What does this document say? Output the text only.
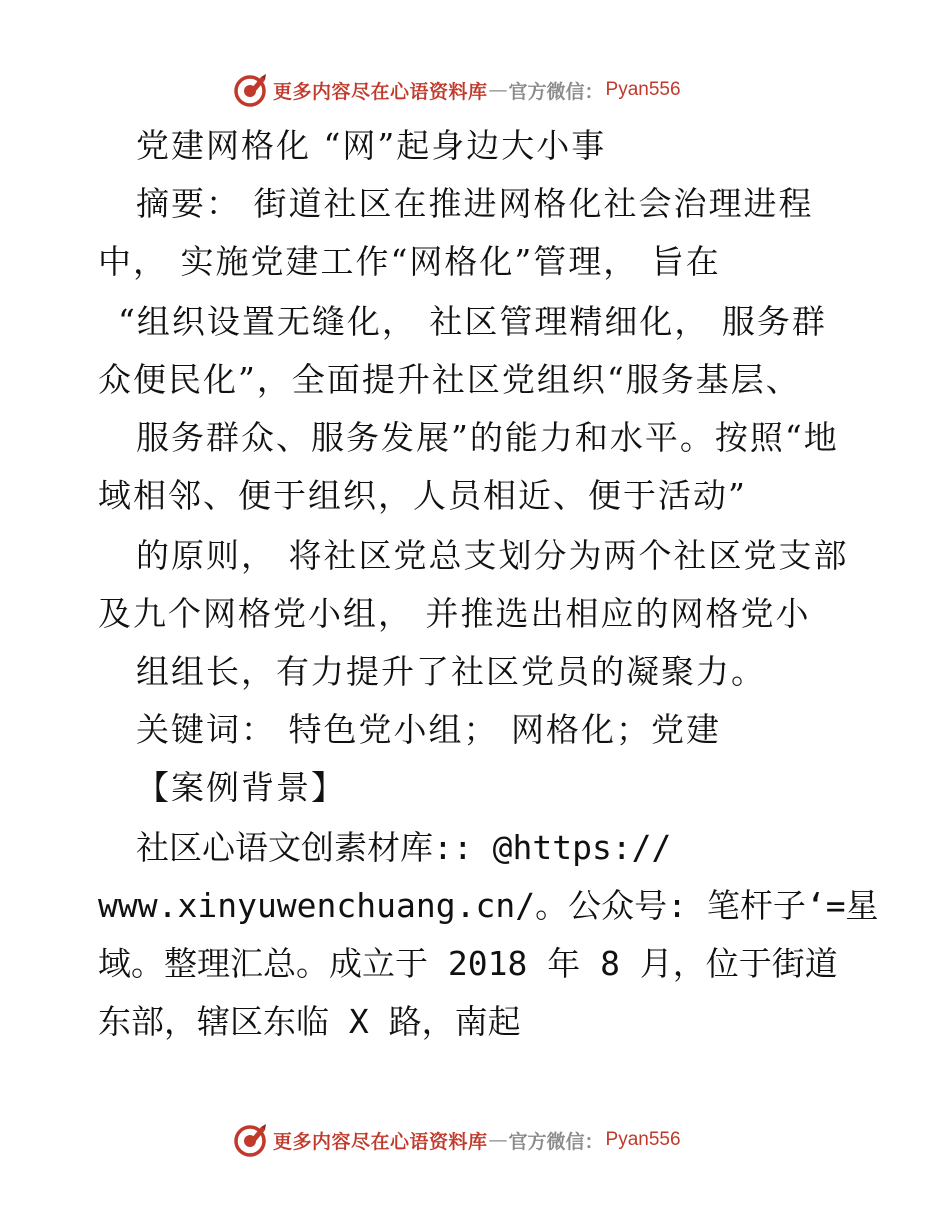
更多内容尽在心语资料库 — 官方微信： Pyan556
党建网格化 “网”起身边大小事
摘要： 街道社区在推进网格化社会治理进程
中， 实施党建工作“网格化”管理， 旨在
“组织设置无缝化， 社区管理精细化， 服务群
众便民化”，全面提升社区党组织“服务基层、
服务群众、服务发展”的能力和水平。按照“地
域相邻、便于组织，人员相近、便于活动”
的原则， 将社区党总支划分为两个社区党支部
及九个网格党小组， 并推选出相应的网格党小
组组长，有力提升了社区党员的凝聚力。
关键词： 特色党小组； 网格化；党建
【案例背景】
社区心语文创素材库:: @https://
www.xinyuwenchuang.cn/。公众号: 笔杆子‘=星
域。整理汇总。成立于 2018 年 8 月，位于街道
东部，辖区东临 X 路，南起
更多内容尽在心语资料库 — 官方微信： Pyan556
